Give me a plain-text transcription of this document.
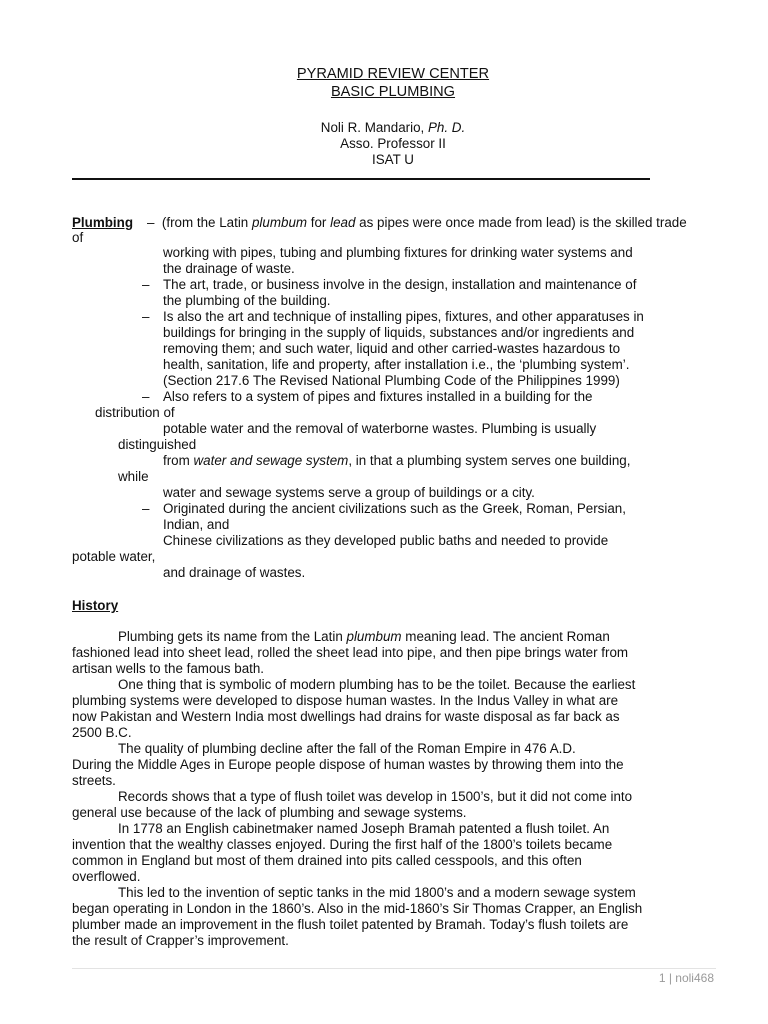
PYRAMID REVIEW CENTER
BASIC PLUMBING
Noli R. Mandario, Ph. D.
Asso. Professor II
ISAT U
Plumbing – (from the Latin plumbum for lead as pipes were once made from lead) is the skilled trade
of
working with pipes, tubing and plumbing fixtures for drinking water systems and
the drainage of waste.
– The art, trade, or business involve in the design, installation and maintenance of
the plumbing of the building.
– Is also the art and technique of installing pipes, fixtures, and other apparatuses in
buildings for bringing in the supply of liquids, substances and/or ingredients and
removing them; and such water, liquid and other carried-wastes hazardous to
health, sanitation, life and property, after installation i.e., the ‘plumbing system’.
(Section 217.6 The Revised National Plumbing Code of the Philippines 1999)
– Also refers to a system of pipes and fixtures installed in a building for the
distribution of
potable water and the removal of waterborne wastes. Plumbing is usually
distinguished
from water and sewage system, in that a plumbing system serves one building,
while
water and sewage systems serve a group of buildings or a city.
– Originated during the ancient civilizations such as the Greek, Roman, Persian,
Indian, and
Chinese civilizations as they developed public baths and needed to provide
potable water,
and drainage of wastes.
History
Plumbing gets its name from the Latin plumbum meaning lead. The ancient Roman
fashioned lead into sheet lead, rolled the sheet lead into pipe, and then pipe brings water from
artisan wells to the famous bath.
One thing that is symbolic of modern plumbing has to be the toilet. Because the earliest
plumbing systems were developed to dispose human wastes. In the Indus Valley in what are
now Pakistan and Western India most dwellings had drains for waste disposal as far back as
2500 B.C.
The quality of plumbing decline after the fall of the Roman Empire in 476 A.D.
During the Middle Ages in Europe people dispose of human wastes by throwing them into the
streets.
Records shows that a type of flush toilet was develop in 1500’s, but it did not come into
general use because of the lack of plumbing and sewage systems.
In 1778 an English cabinetmaker named Joseph Bramah patented a flush toilet. An
invention that the wealthy classes enjoyed. During the first half of the 1800’s toilets became
common in England but most of them drained into pits called cesspools, and this often
overflowed.
This led to the invention of septic tanks in the mid 1800’s and a modern sewage system
began operating in London in the 1860’s. Also in the mid-1860’s Sir Thomas Crapper, an English
plumber made an improvement in the flush toilet patented by Bramah. Today’s flush toilets are
the result of Crapper’s improvement.
1 | noli468
